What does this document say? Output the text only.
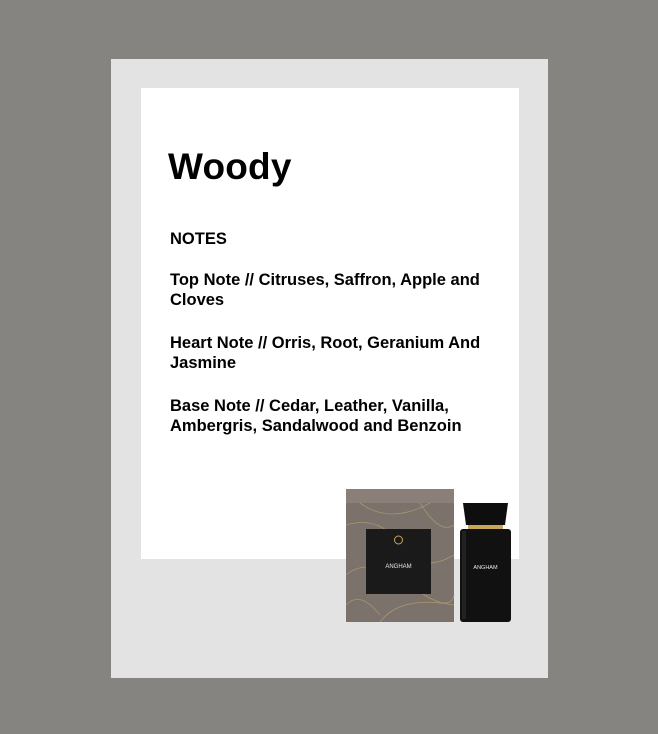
Woody
NOTES
Top Note // Citruses, Saffron, Apple and Cloves
Heart Note // Orris, Root, Geranium And Jasmine
Base Note // Cedar, Leather, Vanilla, Ambergris, Sandalwood and Benzoin
ANGHAM	ANGHAM
